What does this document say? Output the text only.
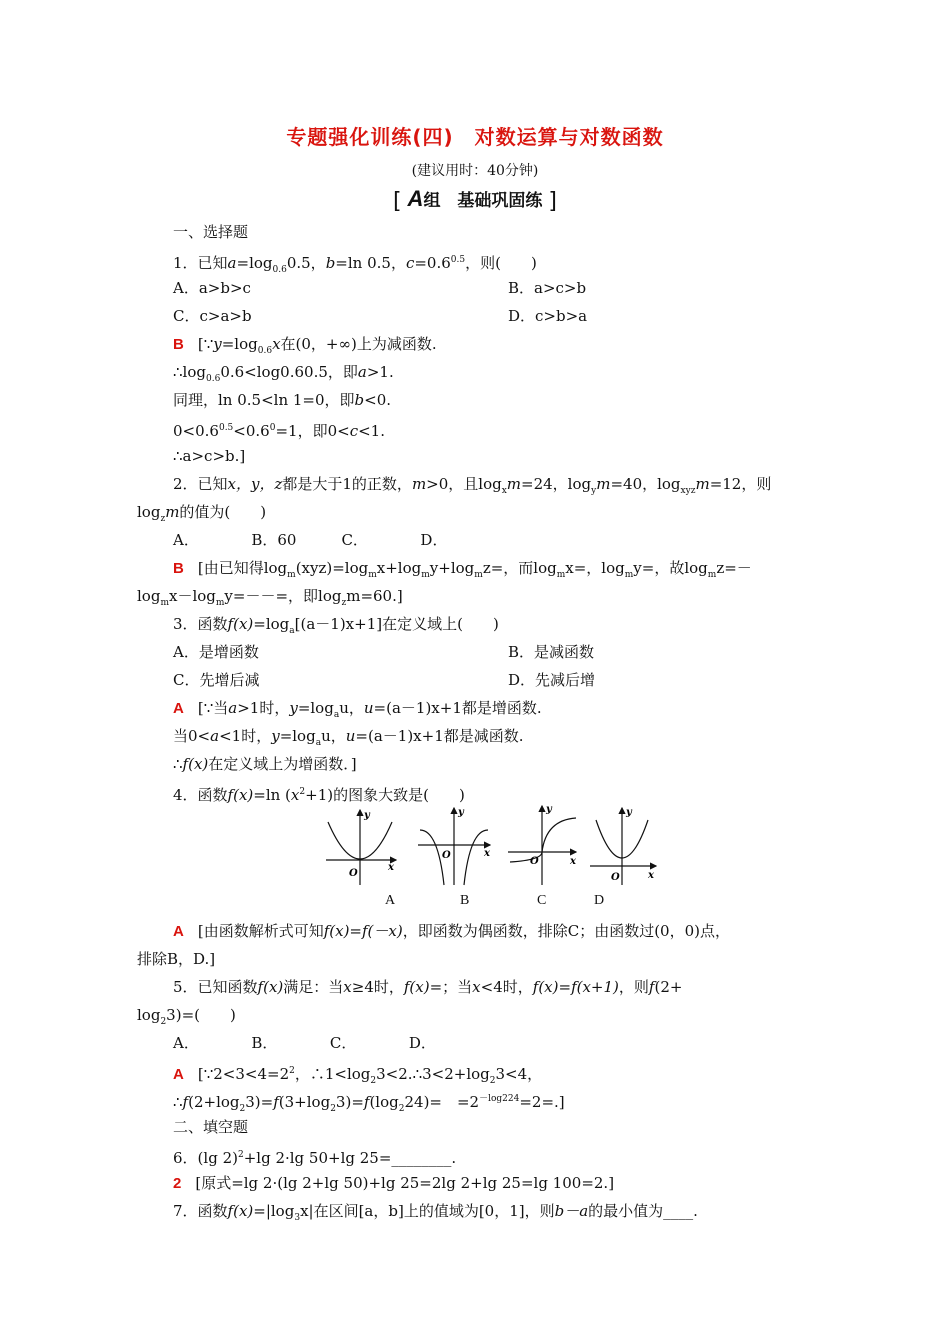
专题强化训练(四)　对数运算与对数函数
(建议用时：40分钟)
[ A组　基础巩固练 ]
一、选择题
1．已知$a=\log_{0.6}0.5$，b=ln 0.5，$c=0.6^{0.5}$，则(　　)
A．a>b>c	B．a>c>b
C．c>a>b	D．c>b>a
B [$\because y=\log_{0.6}x$在(0，+∞)上为减函数.
$\therefore\log_{0.6}0.6<\log 0.60.5$，即a>1.
同理，ln 0.5<ln 1=0，即b<0.
$0<0.6^{0.5}<0.6^0=1$，即0<c<1.
∴a>c>b.]
2．已知x，y，z都是大于1的正数，m>0，且$\log_xm=24$，$\log_ym=40$，$\log_{xyz}m=12$，则
$\log_zm$的值为(　　)
A．　　　　B．60　　　C．　　　　D．
B [由已知得$\log_m(xyz)=\log_mx+\log_my+\log_mz=$，而$\log_mx=$，$\log_my=$，故$\log_mz=-$
$\log_mx-\log_my=--=$，即$\log_zm=60$.]
3．函数$f(x)=\log_a[(a-1)x+1]$在定义域上(　　)
A．是增函数	B．是减函数
C．先增后减	D．先减后增
A [∵当a>1时，$y=\log_au$，u=(a－1)x+1都是增函数.
当0<a<1时，$y=\log_au$，u=(a－1)x+1都是减函数.
∴f(x)在定义域上为增函数．]
4．函数f(x)=ln $(x^2+1)$的图象大致是(　　)
y
x
O
y
x
O
y
x
O
y
x
O
A	B	C	D
A [由函数解析式可知f(x)=f(－x)，即函数为偶函数，排除C；由函数过(0，0)点，
排除B，D.]
5．已知函数f(x)满足：当x≥4时，f(x)=；当x<4时，f(x)=f(x+1)，则f(2+
$\log_23)=$(　　)
A．　　　　B．　　　　C．　　　　D．
A [$\because 2<3<4=2^2$，$\therefore 1<\log_23<2.\therefore 3<2+\log_23<4$，
$\therefore f(2+\log_23)=f(3+\log_23)=f(\log_224)=$　$=2^{-log224}=2=$.]
二、填空题
6．(lg 2)$^2$+lg 2·lg 50+lg 25=________.
2 [原式=lg 2·(lg 2+lg 50)+lg 25=2lg 2+lg 25=lg 100=2.]
7．函数$f(x)=|\log_3x|$在区间[a，b]上的值域为[0，1]，则b－a的最小值为____.
